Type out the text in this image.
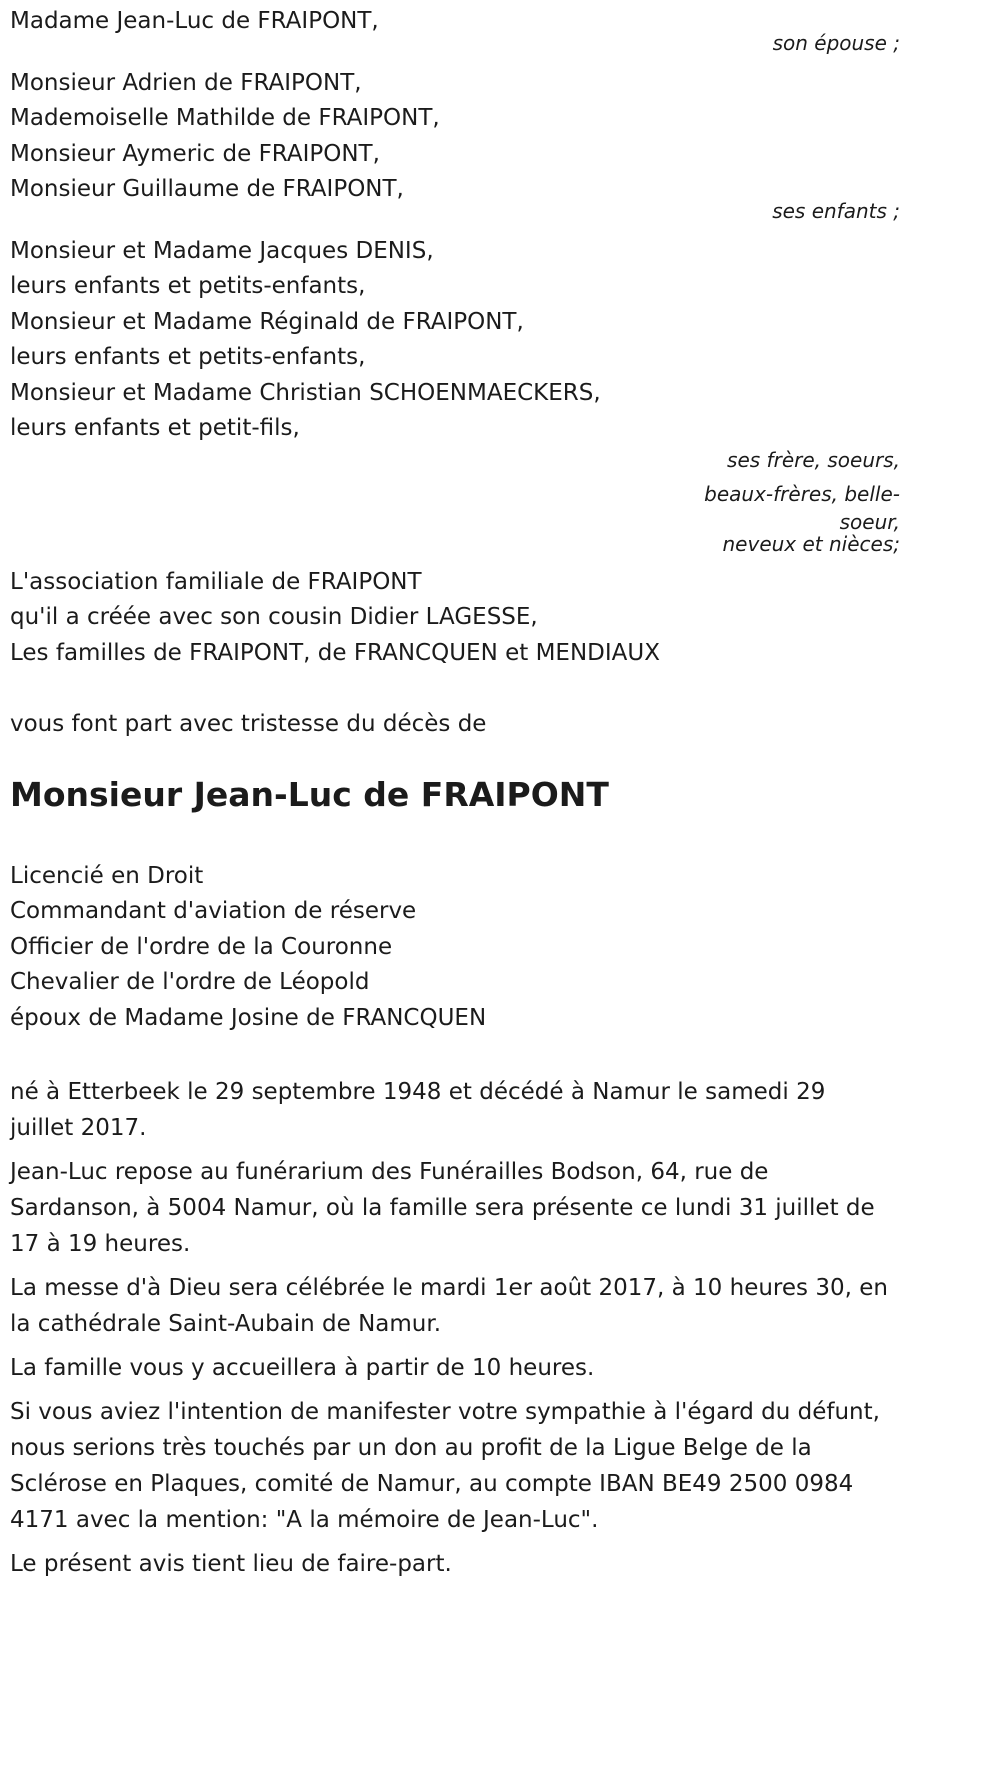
Madame Jean-Luc de FRAIPONT,
son épouse ;
Monsieur Adrien de FRAIPONT,
Mademoiselle Mathilde de FRAIPONT,
Monsieur Aymeric de FRAIPONT,
Monsieur Guillaume de FRAIPONT,
ses enfants ;
Monsieur et Madame Jacques DENIS,
leurs enfants et petits-enfants,
Monsieur et Madame Réginald de FRAIPONT,
leurs enfants et petits-enfants,
Monsieur et Madame Christian SCHOENMAECKERS,
leurs enfants et petit-fils,
ses frère, soeurs,
beaux-frères, belle-
soeur,
neveux et nièces;
L'association familiale de FRAIPONT
qu'il a créée avec son cousin Didier LAGESSE,
Les familles de FRAIPONT, de FRANCQUEN et MENDIAUX
vous font part avec tristesse du décès de
Monsieur Jean-Luc de FRAIPONT
Licencié en Droit
Commandant d'aviation de réserve
Officier de l'ordre de la Couronne
Chevalier de l'ordre de Léopold
époux de Madame Josine de FRANCQUEN

né à Etterbeek le 29 septembre 1948 et décédé à Namur le samedi 29 juillet 2017.

Jean-Luc repose au funérarium des Funérailles Bodson, 64, rue de Sardanson, à 5004 Namur, où la famille sera présente ce lundi 31 juillet de 17 à 19 heures.

La messe d'à Dieu sera célébrée le mardi 1er août 2017, à 10 heures 30, en la cathédrale Saint-Aubain de Namur.

La famille vous y accueillera à partir de 10 heures.

Si vous aviez l'intention de manifester votre sympathie à l'égard du défunt, nous serions très touchés par un don au profit de la Ligue Belge de la Sclérose en Plaques, comité de Namur, au compte IBAN BE49 2500 0984 4171 avec la mention: "A la mémoire de Jean-Luc".

Le présent avis tient lieu de faire-part.
